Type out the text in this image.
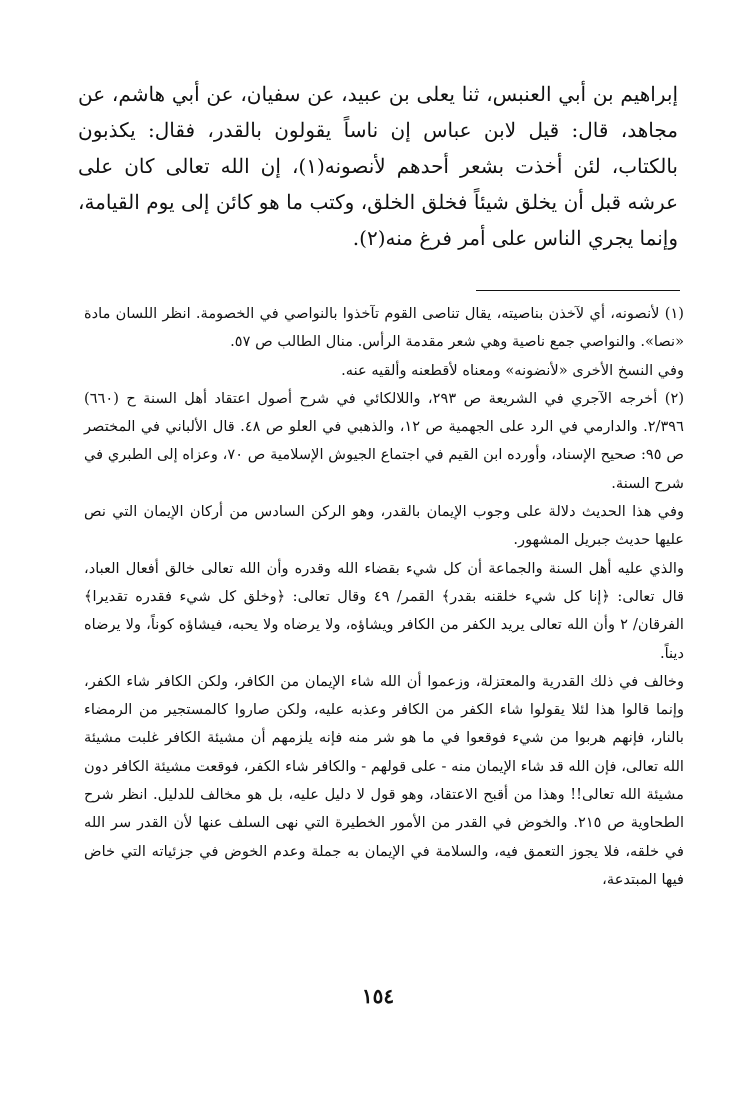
إبراهيم بن أبي العنبس، ثنا يعلى بن عبيد، عن سفيان، عن أبي هاشم، عن مجاهد، قال: قيل لابن عباس إن ناساً يقولون بالقدر، فقال: يكذبون بالكتاب، لئن أخذت بشعر أحدهم لأنصونه(١)، إن الله تعالى كان على عرشه قبل أن يخلق شيئاً فخلق الخلق، وكتب ما هو كائن إلى يوم القيامة، وإنما يجري الناس على أمر فرغ منه(٢).

(١) لأنصونه، أي لآخذن بناصيته، يقال تناصى القوم تآخذوا بالنواصي في الخصومة. انظر اللسان مادة «نصا». والنواصي جمع ناصية وهي شعر مقدمة الرأس. منال الطالب ص ٥٧.

وفي النسخ الأخرى «لأنضونه» ومعناه لأقطعنه وألقيه عنه.

(٢) أخرجه الآجري في الشريعة ص ٢٩٣، واللالكائي في شرح أصول اعتقاد أهل السنة ح (٦٦٠) ٢/٣٩٦. والدارمي في الرد على الجهمية ص ١٢، والذهبي في العلو ص ٤٨. قال الألباني في المختصر ص ٩٥: صحيح الإسناد، وأورده ابن القيم في اجتماع الجيوش الإسلامية ص ٧٠، وعزاه إلى الطبري في شرح السنة.

وفي هذا الحديث دلالة على وجوب الإيمان بالقدر، وهو الركن السادس من أركان الإيمان التي نص عليها حديث جبريل المشهور.

والذي عليه أهل السنة والجماعة أن كل شيء بقضاء الله وقدره وأن الله تعالى خالق أفعال العباد، قال تعالى: ﴿إنا كل شيء خلقنه بقدر﴾ القمر/ ٤٩ وقال تعالى: ﴿وخلق كل شيء فقدره تقديرا﴾ الفرقان/ ٢ وأن الله تعالى يريد الكفر من الكافر ويشاؤه، ولا يرضاه ولا يحبه، فيشاؤه كوناً، ولا يرضاه ديناً.

وخالف في ذلك القدرية والمعتزلة، وزعموا أن الله شاء الإيمان من الكافر، ولكن الكافر شاء الكفر، وإنما قالوا هذا لئلا يقولوا شاء الكفر من الكافر وعذبه عليه، ولكن صاروا كالمستجير من الرمضاء بالنار، فإنهم هربوا من شيء فوقعوا في ما هو شر منه فإنه يلزمهم أن مشيئة الكافر غلبت مشيئة الله تعالى، فإن الله قد شاء الإيمان منه - على قولهم - والكافر شاء الكفر، فوقعت مشيئة الكافر دون مشيئة الله تعالى!! وهذا من أقبح الاعتقاد، وهو قول لا دليل عليه، بل هو مخالف للدليل. انظر شرح الطحاوية ص ٢١٥. والخوض في القدر من الأمور الخطيرة التي نهى السلف عنها لأن القدر سر الله في خلقه، فلا يجوز التعمق فيه، والسلامة في الإيمان به جملة وعدم الخوض في جزئياته التي خاض فيها المبتدعة،

١٥٤
